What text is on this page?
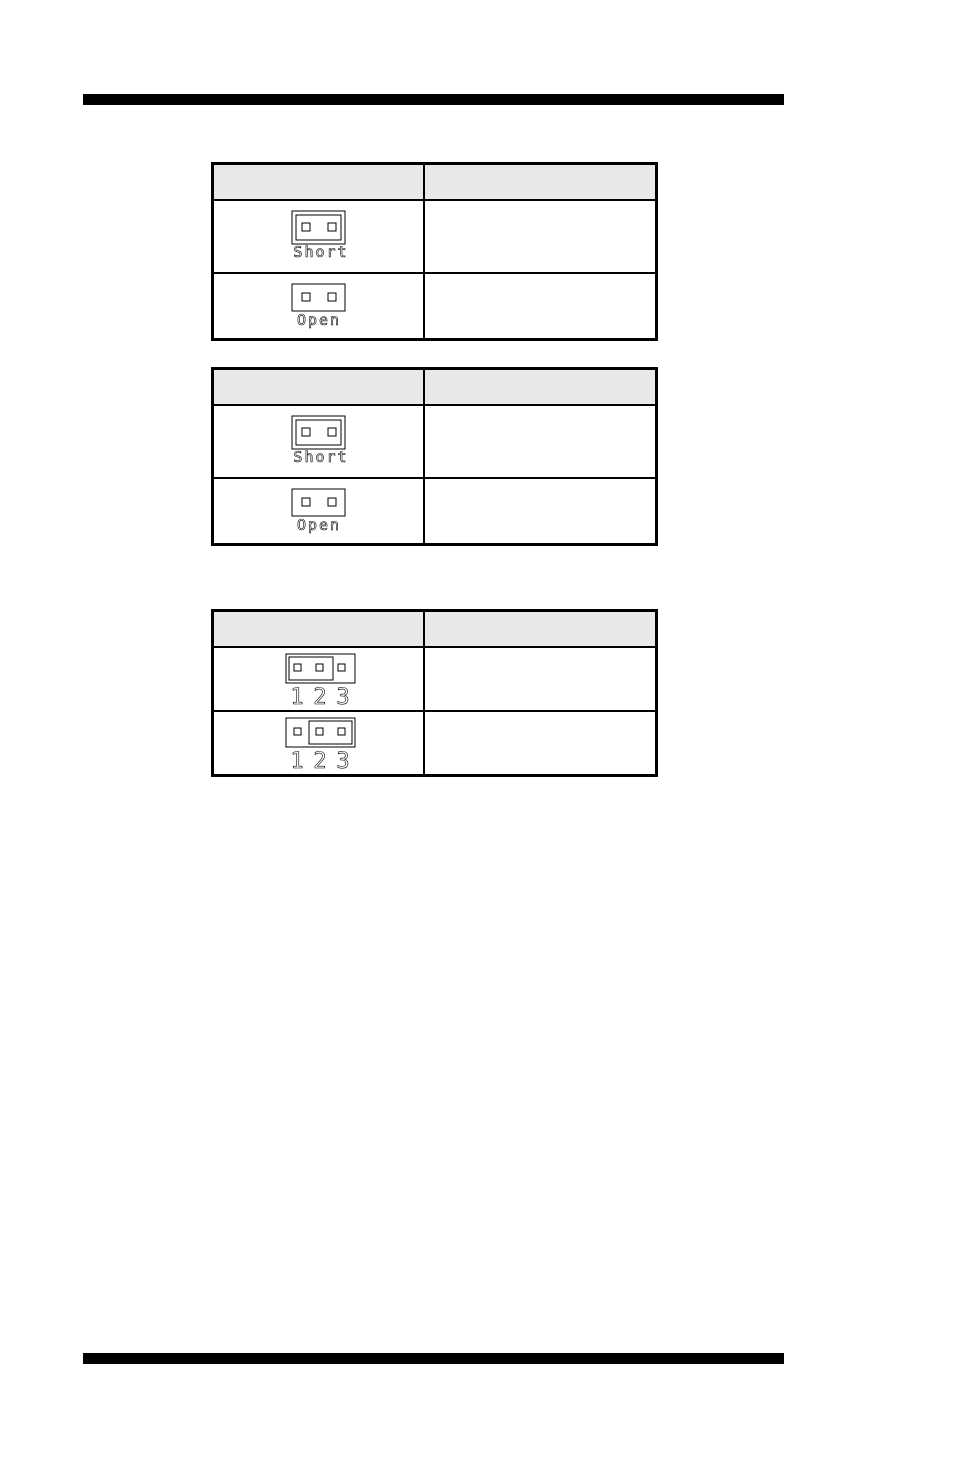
Short	

Open	

Short	

Open	

1 2 3	

1 2 3	
